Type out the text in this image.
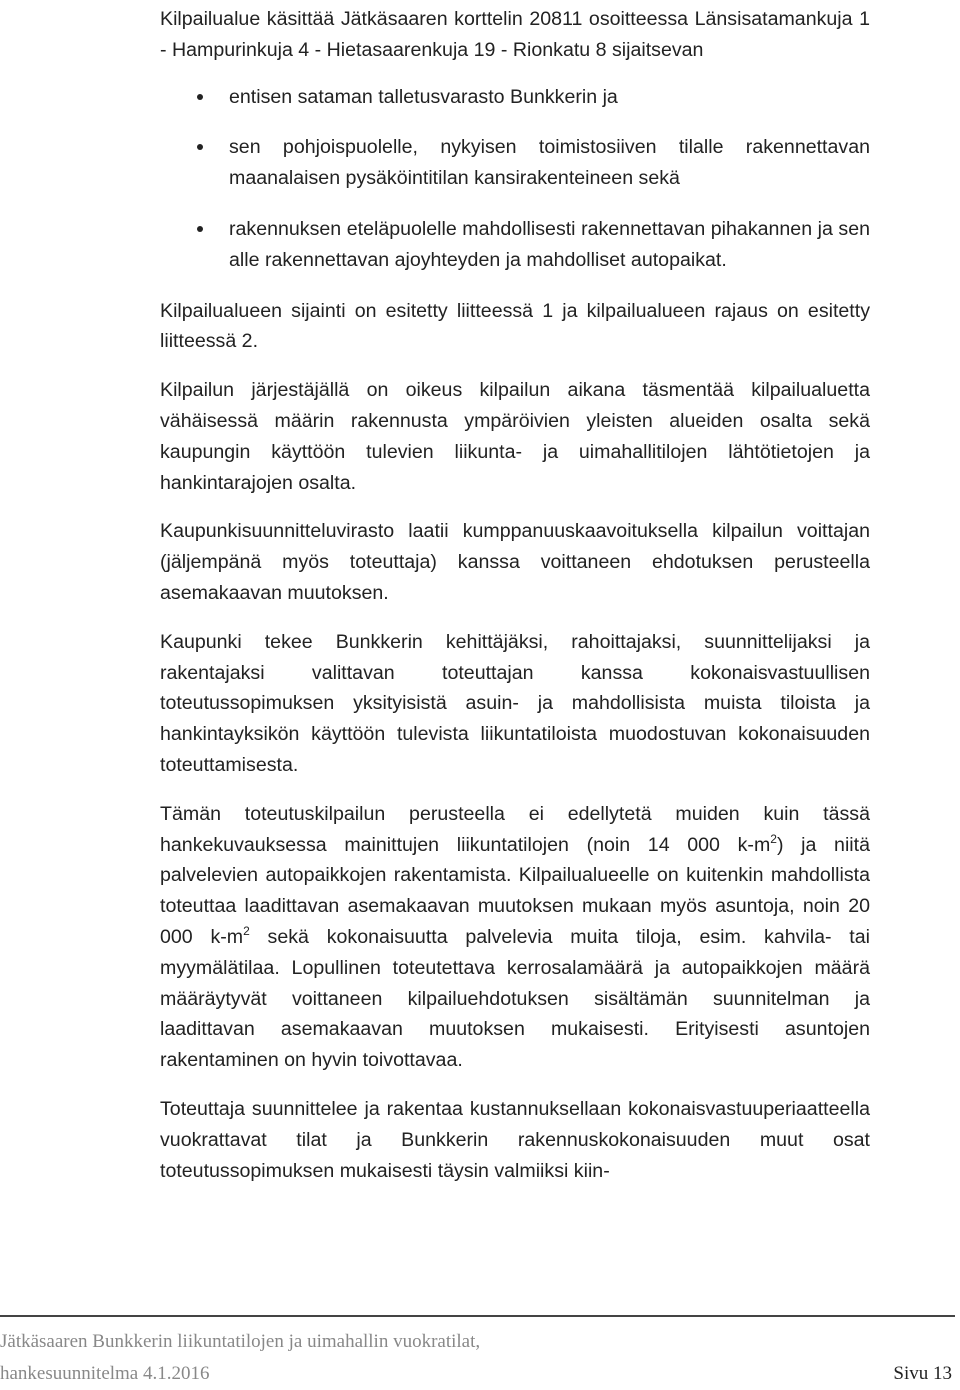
Kilpailualue käsittää Jätkäsaaren korttelin 20811 osoitteessa Länsisatamankuja 1 - Hampurinkuja 4 - Hietasaarenkuja 19 - Rionkatu 8 sijaitsevan

entisen sataman talletusvarasto Bunkkerin ja
sen pohjoispuolelle, nykyisen toimistosiiven tilalle rakennettavan maanalaisen pysäköintitilan kansirakenteineen sekä
rakennuksen eteläpuolelle mahdollisesti rakennettavan pihakannen ja sen alle rakennettavan ajoyhteyden ja mahdolliset autopaikat.

Kilpailualueen sijainti on esitetty liitteessä 1 ja kilpailualueen rajaus on esitetty liitteessä 2.

Kilpailun järjestäjällä on oikeus kilpailun aikana täsmentää kilpailualuetta vähäisessä määrin rakennusta ympäröivien yleisten alueiden osalta sekä kaupungin käyttöön tulevien liikunta- ja uimahallitilojen lähtötietojen ja hankintarajojen osalta.

Kaupunkisuunnitteluvirasto laatii kumppanuuskaavoituksella kilpailun voittajan (jäljempänä myös toteuttaja) kanssa voittaneen ehdotuksen perusteella asemakaavan muutoksen.

Kaupunki tekee Bunkkerin kehittäjäksi, rahoittajaksi, suunnittelijaksi ja rakentajaksi valittavan toteuttajan kanssa kokonaisvastuullisen toteutussopimuksen yksityisistä asuin- ja mahdollisista muista tiloista ja hankintayksikön käyttöön tulevista liikuntatiloista muodostuvan kokonaisuuden toteuttamisesta.

Tämän toteutuskilpailun perusteella ei edellytetä muiden kuin tässä hankekuvauksessa mainittujen liikuntatilojen (noin 14 000 $k-m^2$) ja niitä palvelevien autopaikkojen rakentamista. Kilpailualueelle on kuitenkin mahdollista toteuttaa laadittavan asemakaavan muutoksen mukaan myös asuntoja, noin 20 000 $k-m^2$ sekä kokonaisuutta palvelevia muita tiloja, esim. kahvila- tai myymälätilaa. Lopullinen toteutettava kerrosalamäärä ja autopaikkojen määrä määräytyvät voittaneen kilpailuehdotuksen sisältämän suunnitelman ja laadittavan asemakaavan muutoksen mukaisesti. Erityisesti asuntojen rakentaminen on hyvin toivottavaa.

Toteuttaja suunnittelee ja rakentaa kustannuksellaan kokonaisvastuuperiaatteella vuokrattavat tilat ja Bunkkerin rakennuskokonaisuuden muut osat toteutussopimuksen mukaisesti täysin valmiiksi kiin-

Jätkäsaaren Bunkkerin liikuntatilojen ja uimahallin vuokratilat,
hankesuunnitelma 4.1.2016	Sivu 13
